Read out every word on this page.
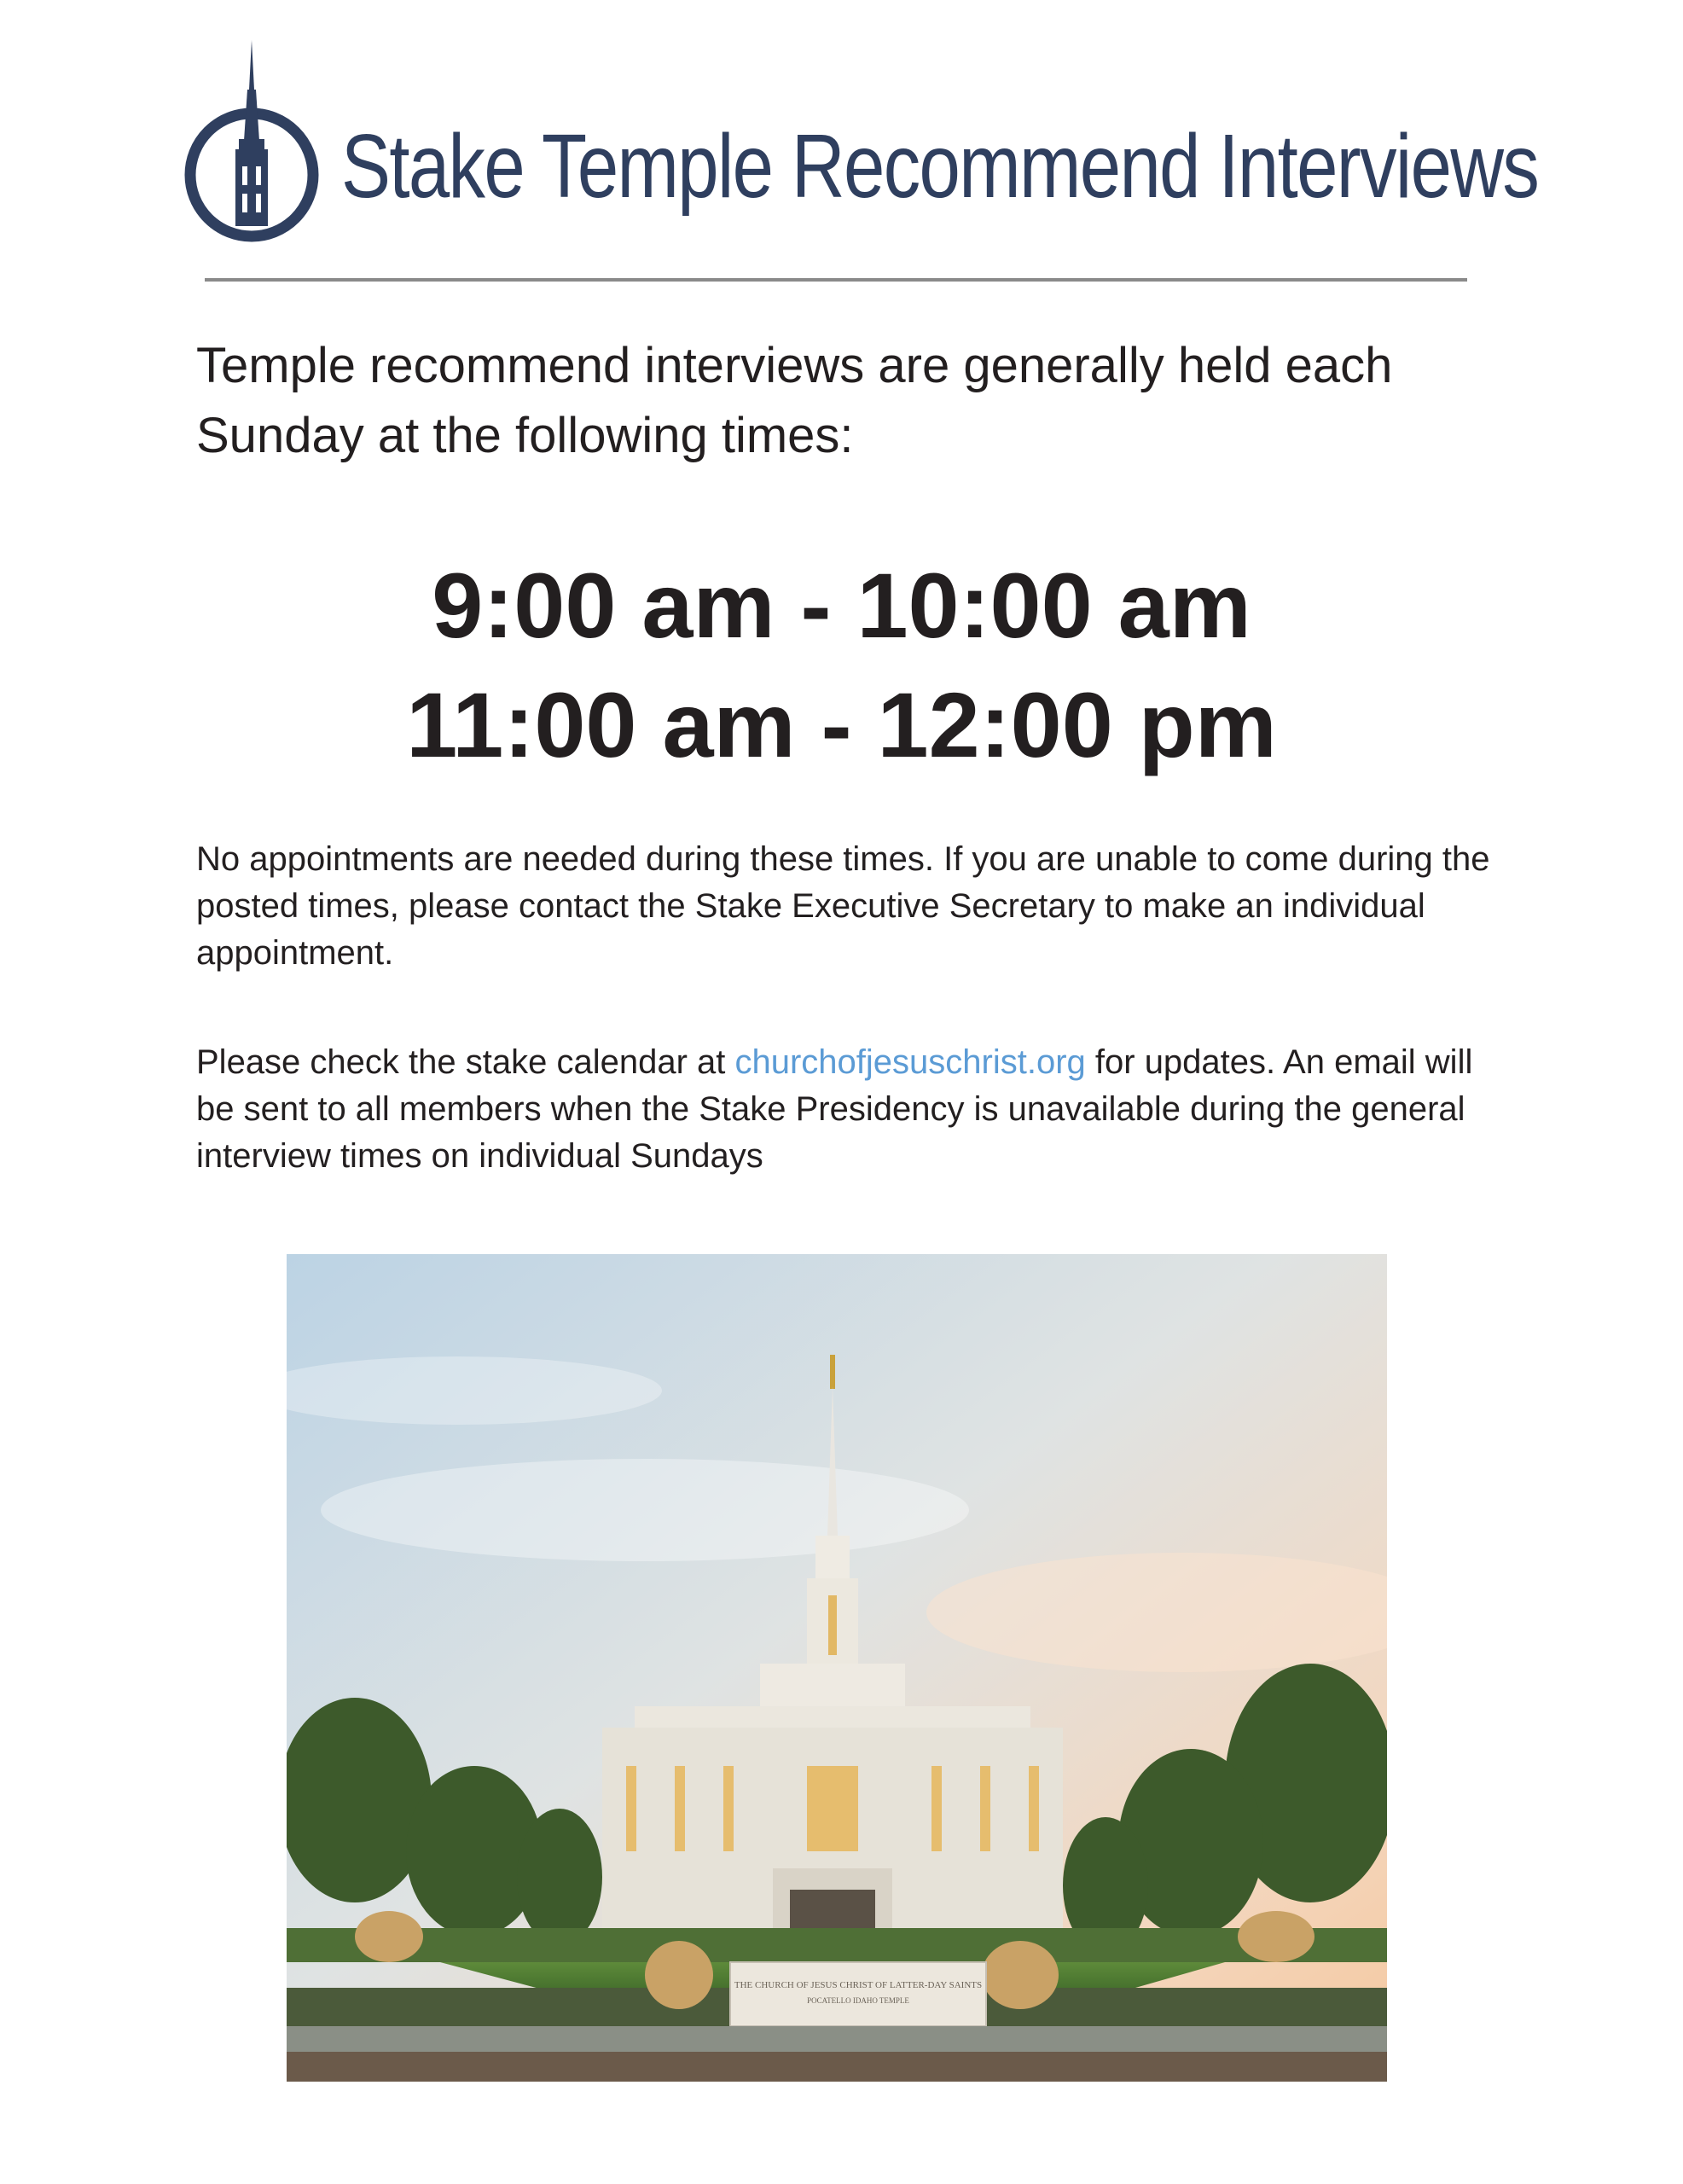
Stake Temple Recommend Interviews
Temple recommend interviews are generally held each Sunday at the following times:
9:00 am - 10:00 am
11:00 am - 12:00 pm
No appointments are needed during these times. If you are unable to come during the posted times, please contact the Stake Executive Secretary to make an individual appointment.
Please check the stake calendar at churchofjesuschrist.org for updates. An email will be sent to all members when the Stake Presidency is unavailable during the general interview times on individual Sundays
THE CHURCH OF JESUS CHRIST OF LATTER-DAY SAINTS
POCATELLO IDAHO TEMPLE
